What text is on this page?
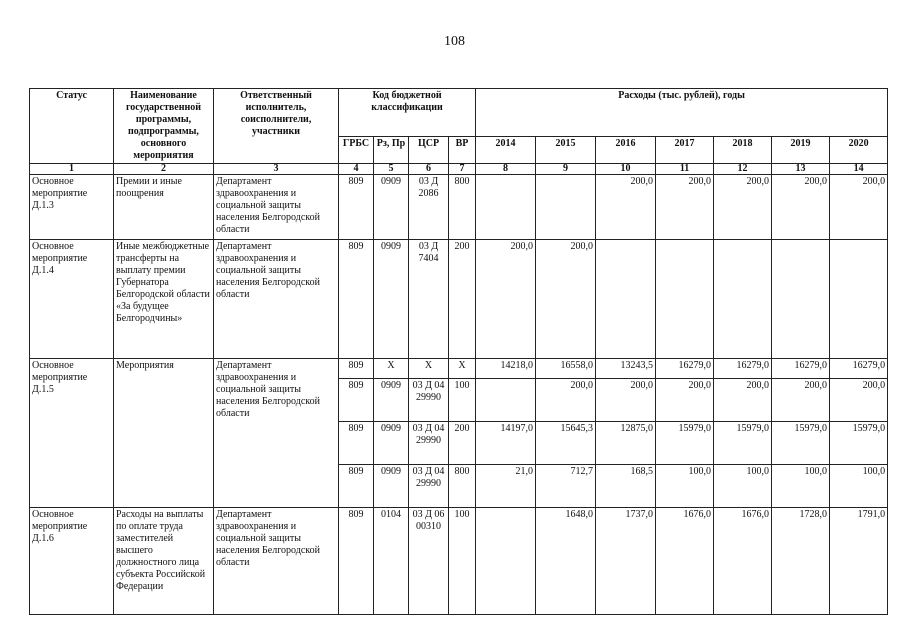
108
Статус	Наименование государственной программы, подпрограммы, основного мероприятия	Ответственный исполнитель, соисполнители, участники	Код бюджетной классификации				Расходы (тыс. рублей), годы						
			ГРБС	Рз, Пр	ЦСР	ВР	2014	2015	2016	2017	2018	2019	2020
1	2	3	4	5	6	7	8	9	10	11	12	13	14
Основное мероприятие Д.1.3	Премии и иные поощрения	Департамент здравоохранения и социальной защиты населения Белгородской области	809	0909	03 Д 2086	800			200,0	200,0	200,0	200,0	200,0
Основное мероприятие Д.1.4	Иные межбюджетные трансферты на выплату премии Губернатора Белгородской области «За будущее Белгородчины»	Департамент здравоохранения и социальной защиты населения Белгородской области	809	0909	03 Д 7404	200	200,0	200,0					
Основное мероприятие Д.1.5	Мероприятия	Департамент здравоохранения и социальной защиты населения Белгородской области	809	Х	Х	Х	14218,0	16558,0	13243,5	16279,0	16279,0	16279,0	16279,0
			809	0909	03 Д 04 29990	100		200,0	200,0	200,0	200,0	200,0	200,0
			809	0909	03 Д 04 29990	200	14197,0	15645,3	12875,0	15979,0	15979,0	15979,0	15979,0
			809	0909	03 Д 04 29990	800	21,0	712,7	168,5	100,0	100,0	100,0	100,0
Основное мероприятие Д.1.6	Расходы на выплаты по оплате труда заместителей высшего должностного лица субъекта Российской Федерации	Департамент здравоохранения и социальной защиты населения Белгородской области	809	0104	03 Д 06 00310	100		1648,0	1737,0	1676,0	1676,0	1728,0	1791,0
